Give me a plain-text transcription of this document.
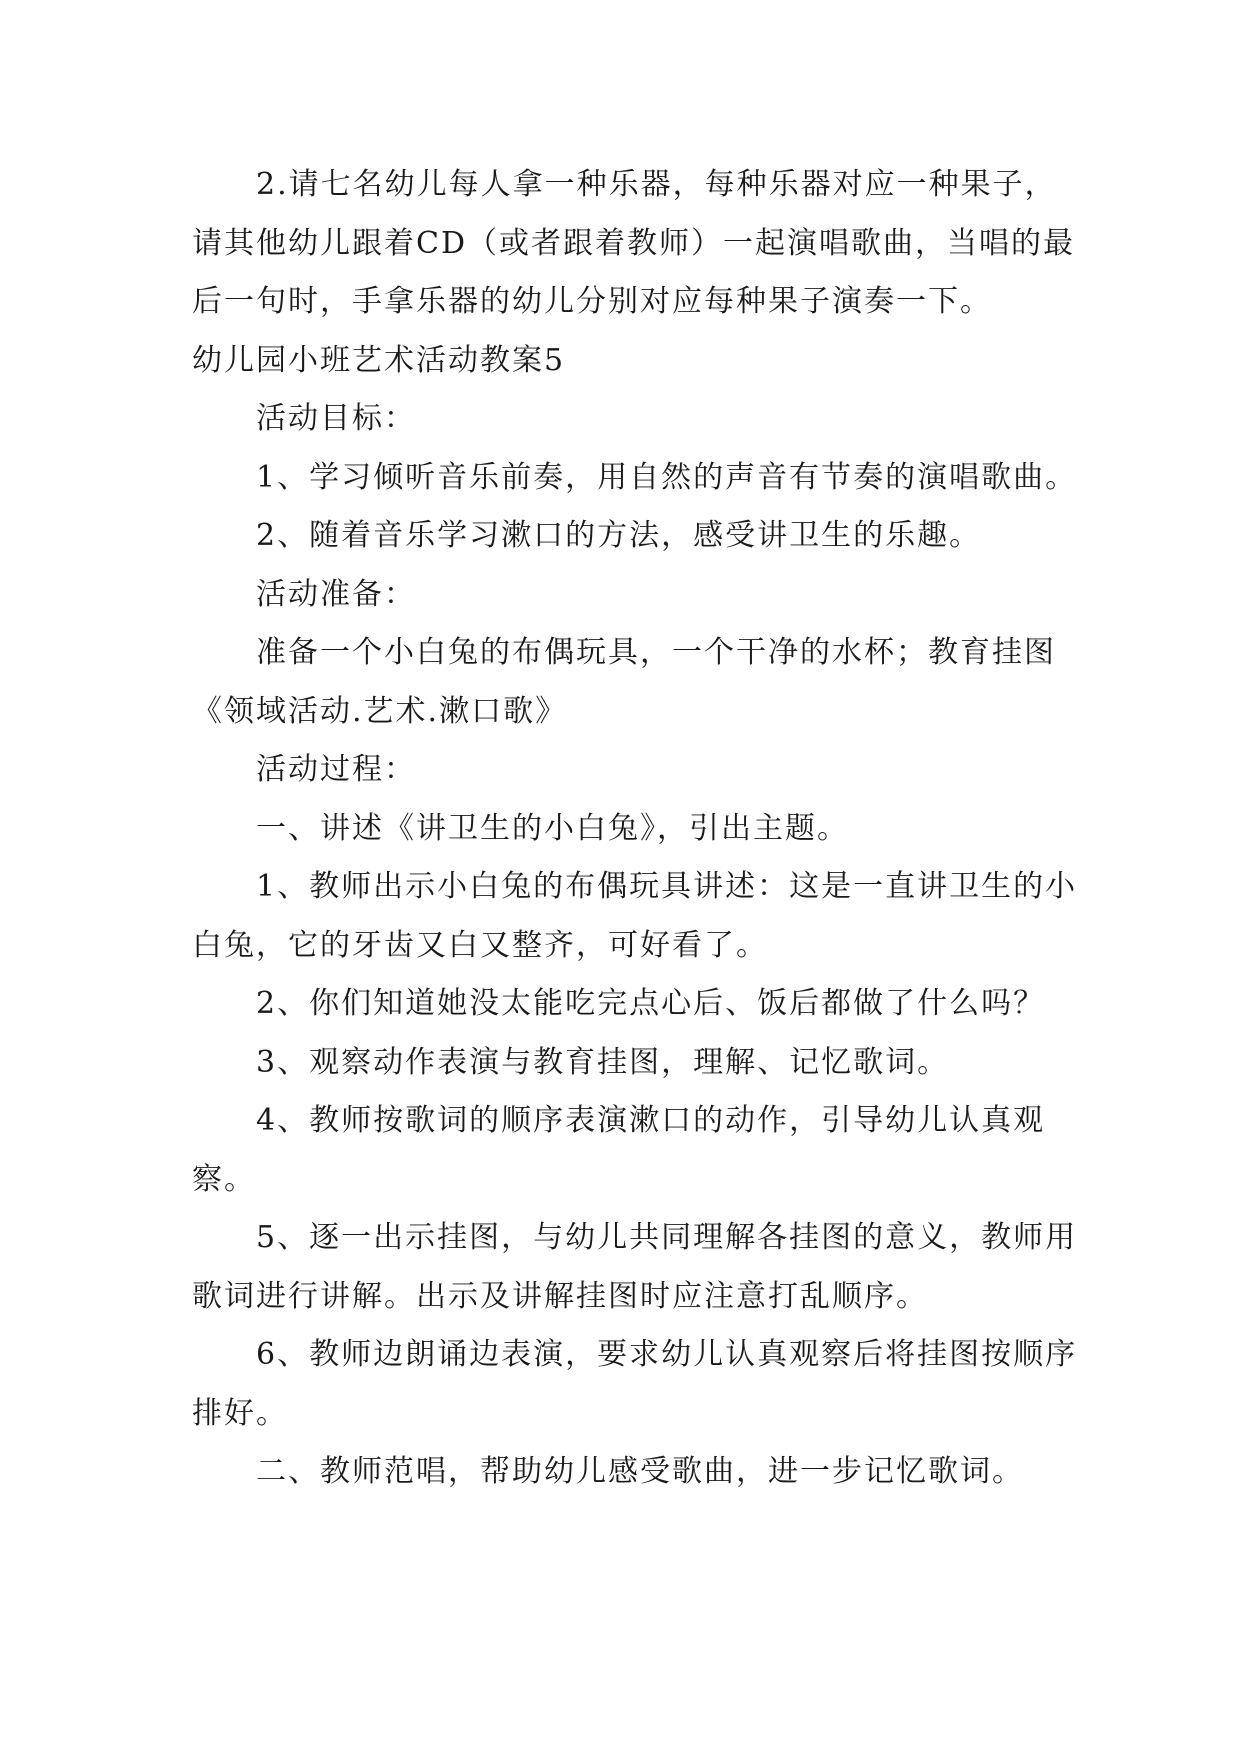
2.请七名幼儿每人拿一种乐器，每种乐器对应一种果子，请其他幼儿跟着CD（或者跟着教师）一起演唱歌曲，当唱的最后一句时，手拿乐器的幼儿分别对应每种果子演奏一下。

幼儿园小班艺术活动教案5

活动目标：

1、学习倾听音乐前奏，用自然的声音有节奏的演唱歌曲。

2、随着音乐学习漱口的方法，感受讲卫生的乐趣。

活动准备：

准备一个小白兔的布偶玩具，一个干净的水杯；教育挂图《领域活动.艺术.漱口歌》

活动过程：

一、讲述《讲卫生的小白兔》，引出主题。

1、教师出示小白兔的布偶玩具讲述：这是一直讲卫生的小白兔，它的牙齿又白又整齐，可好看了。

2、你们知道她没太能吃完点心后、饭后都做了什么吗？

3、观察动作表演与教育挂图，理解、记忆歌词。

4、教师按歌词的顺序表演漱口的动作，引导幼儿认真观察。

5、逐一出示挂图，与幼儿共同理解各挂图的意义，教师用歌词进行讲解。出示及讲解挂图时应注意打乱顺序。

6、教师边朗诵边表演，要求幼儿认真观察后将挂图按顺序排好。

二、教师范唱，帮助幼儿感受歌曲，进一步记忆歌词。
